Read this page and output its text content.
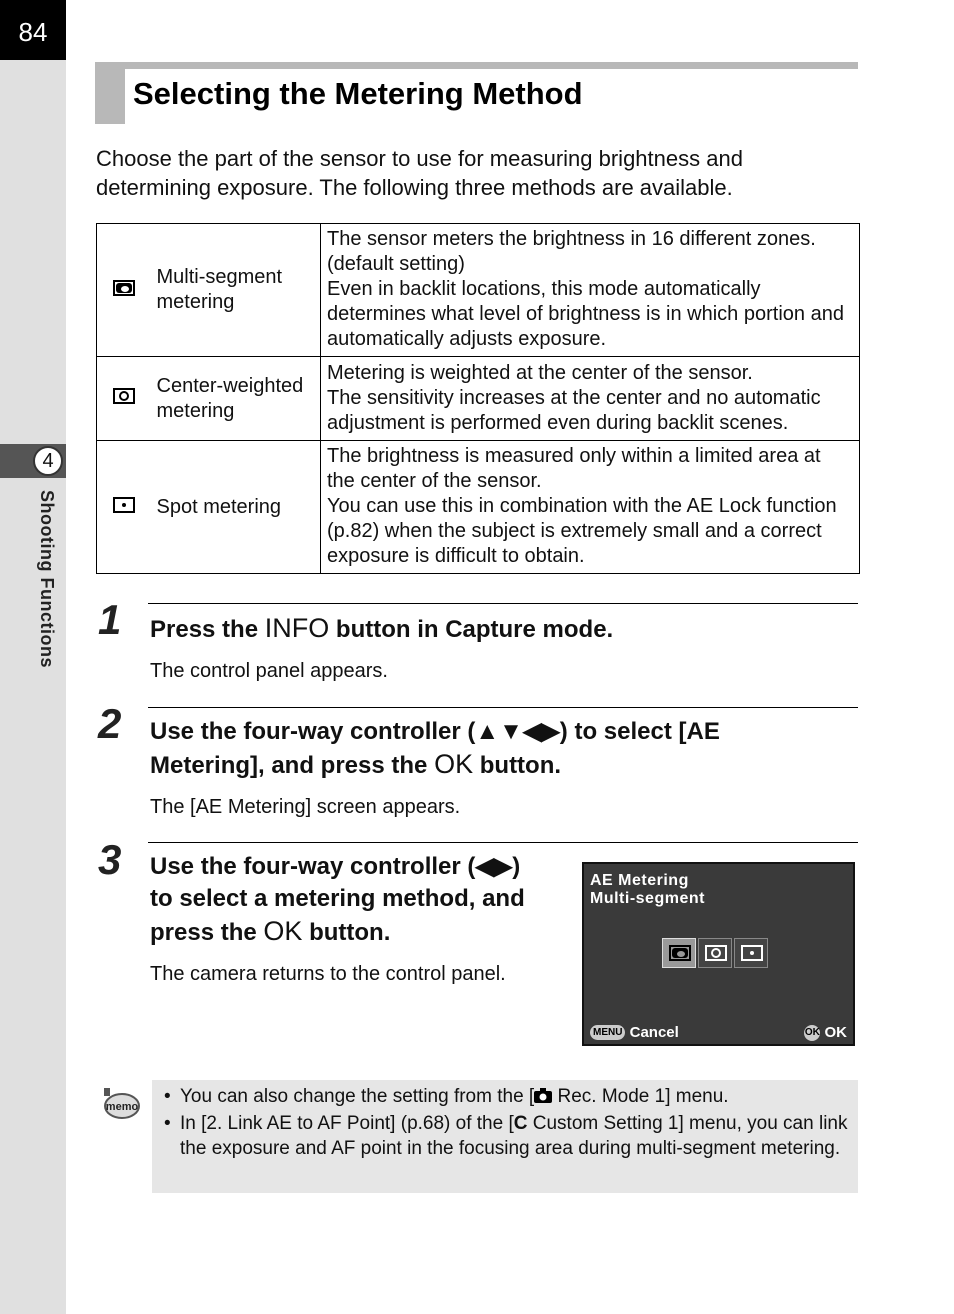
84
4
Shooting Functions
Selecting the Metering Method

Choose the part of the sensor to use for measuring brightness and determining exposure. The following three methods are available.

	Multi-segment metering	The sensor meters the brightness in 16 different zones. (default setting)
Even in backlit locations, this mode automatically determines what level of brightness is in which portion and automatically adjusts exposure.

	Center-weighted metering	Metering is weighted at the center of the sensor.
The sensitivity increases at the center and no automatic adjustment is performed even during backlit scenes.

	Spot metering	The brightness is measured only within a limited area at the center of the sensor.
You can use this in combination with the AE Lock function (p.82) when the subject is extremely small and a correct exposure is difficult to obtain.
1 Press the INFO button in Capture mode.
The control panel appears.
2 Use the four-way controller (▲▼◀▶) to select [AE
Metering], and press the OK button.
The [AE Metering] screen appears.
3 Use the four-way controller (◀▶)
to select a metering method, and
press the OK button.
The camera returns to the control panel.
AE Metering
Multi-segment
MENU Cancel	OK OK
memo	• You can also change the setting from the [ Rec. Mode 1] menu.
• In [2. Link AE to AF Point] (p.68) of the [C Custom Setting 1] menu, you can link the exposure and AF point in the focusing area during multi-segment metering.
